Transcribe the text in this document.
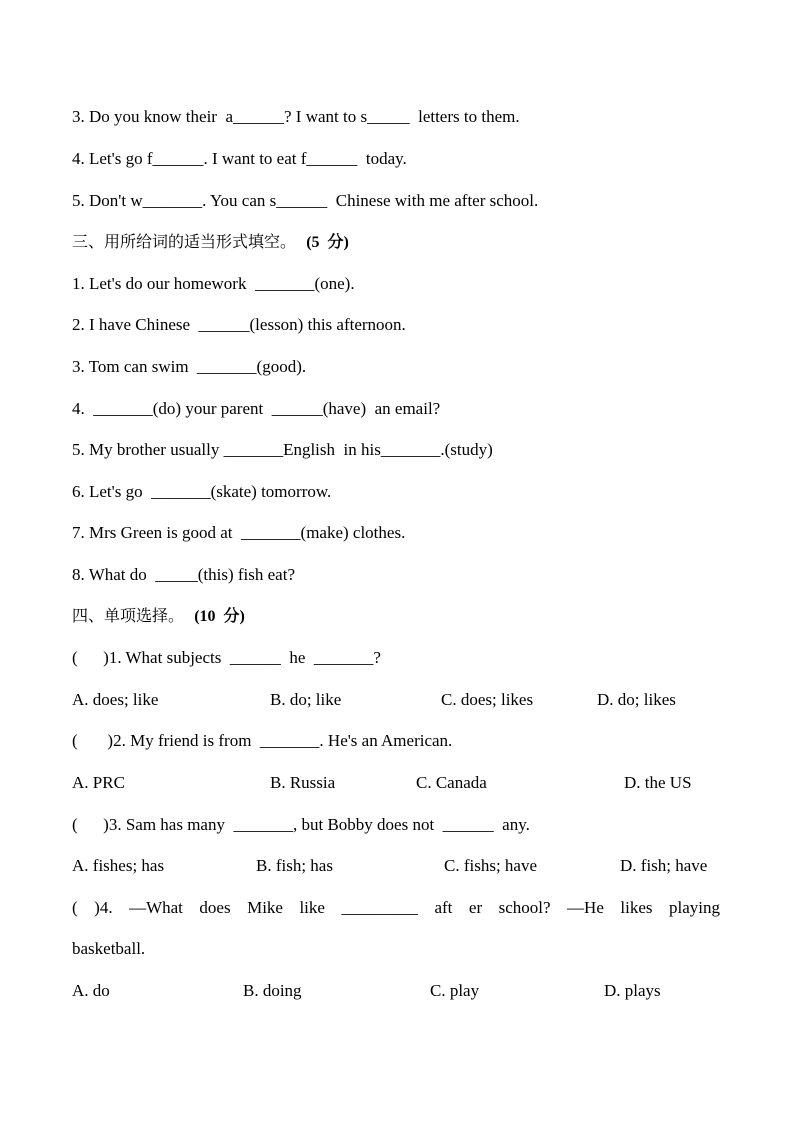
3. Do you know their  a______? I want to s_____  letters to them.
4. Let's go f______. I want to eat f______  today.
5. Don't w_______. You can s______  Chinese with me after school.
三、用所给词的适当形式填空。 (5  分)
1. Let's do our homework  _______(one).
2. I have Chinese  ______(lesson) this afternoon.
3. Tom can swim  _______(good).
4.  _______(do) your parent  ______(have)  an email?
5. My brother usually _______English  in his_______.(study)
6. Let's go  _______(skate) tomorrow.
7. Mrs Green is good at  _______(make) clothes.
8. What do  _____(this) fish eat?
四、单项选择。 (10  分)
(      )1. What subjects  ______  he  _______?
A. does; like	B. do; like	C. does; likes	D. do; likes
(       )2. My friend is from  _______. He's an American.
A. PRC	B. Russia	C. Canada	D. the US
(      )3. Sam has many  _______, but Bobby does not  ______  any.
A. fishes; has	B. fish; has	C. fishs; have	D. fish; have
( )4. —What does Mike like _________ aft er school? —He likes playing
basketball.
A. do	B. doing	C. play	D. plays
